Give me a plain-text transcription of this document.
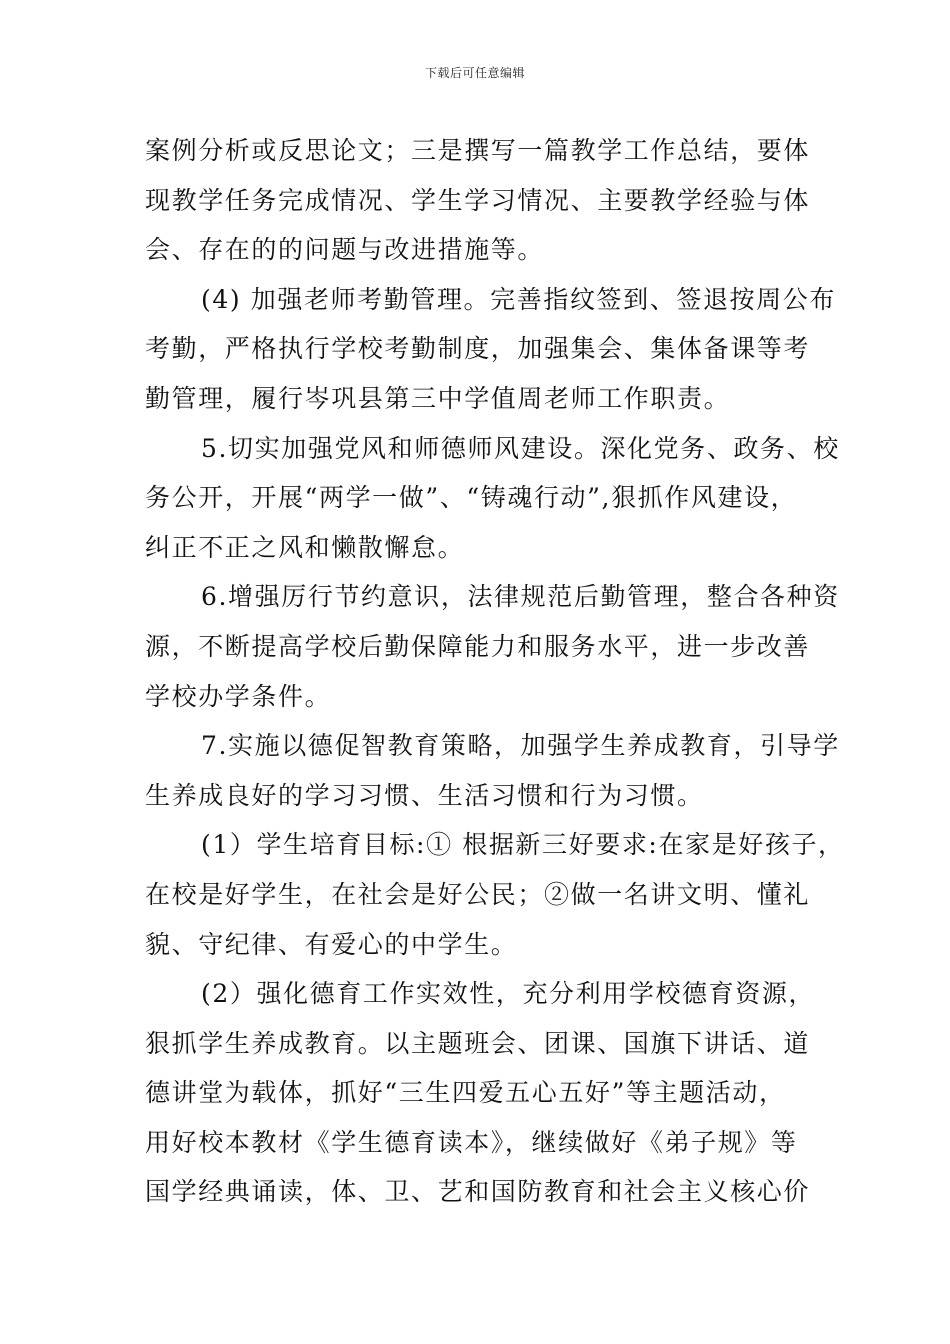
下载后可任意编辑
案例分析或反思论文；三是撰写一篇教学工作总结，要体
现教学任务完成情况、学生学习情况、主要教学经验与体
会、存在的的问题与改进措施等。
(4) 加强老师考勤管理。完善指纹签到、签退按周公布
考勤，严格执行学校考勤制度，加强集会、集体备课等考
勤管理，履行岑巩县第三中学值周老师工作职责。
5.切实加强党风和师德师风建设。深化党务、政务、校
务公开，开展“两学一做”、“铸魂行动”,狠抓作风建设，
纠正不正之风和懒散懈怠。
6.增强厉行节约意识，法律规范后勤管理，整合各种资
源，不断提高学校后勤保障能力和服务水平，进一步改善
学校办学条件。
7.实施以德促智教育策略，加强学生养成教育，引导学
生养成良好的学习习惯、生活习惯和行为习惯。
(1）学生培育目标:① 根据新三好要求:在家是好孩子，
在校是好学生，在社会是好公民；②做一名讲文明、懂礼
貌、守纪律、有爱心的中学生。
(2）强化德育工作实效性，充分利用学校德育资源，
狠抓学生养成教育。以主题班会、团课、国旗下讲话、道
德讲堂为载体，抓好“三生四爱五心五好”等主题活动，
用好校本教材《学生德育读本》，继续做好《弟子规》等
国学经典诵读，体、卫、艺和国防教育和社会主义核心价
